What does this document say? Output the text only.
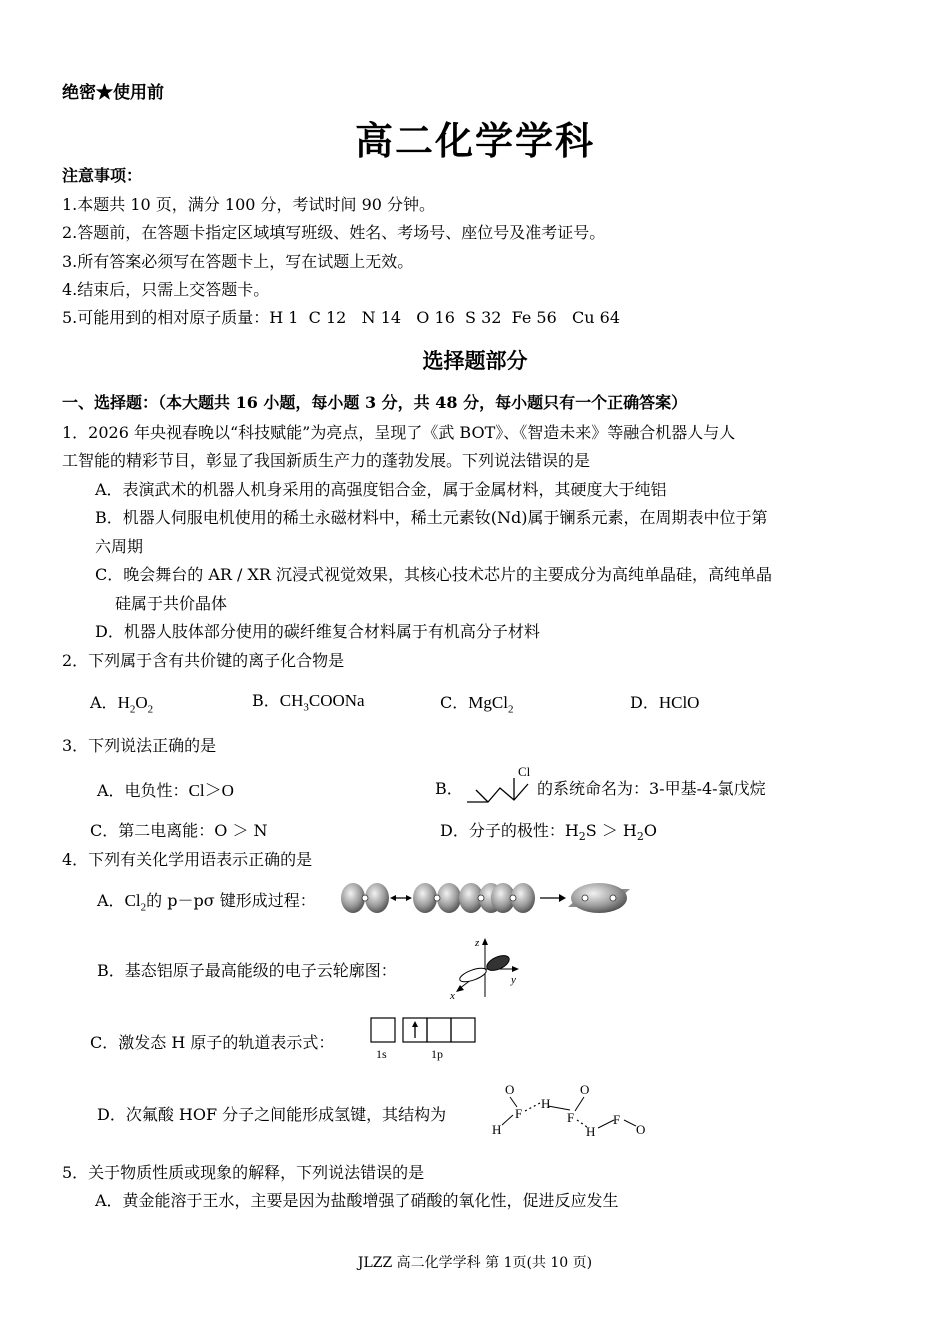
绝密★使用前
高二化学学科
注意事项：
1.本题共 10 页，满分 100 分，考试时间 90 分钟。
2.答题前，在答题卡指定区域填写班级、姓名、考场号、座位号及准考证号。
3.所有答案必须写在答题卡上，写在试题上无效。
4.结束后，只需上交答题卡。
5.可能用到的相对原子质量：H 1  C 12   N 14   O 16  S 32  Fe 56   Cu 64
选择题部分
一、选择题：（本大题共 16 小题，每小题 3 分，共 48 分，每小题只有一个正确答案）
1．2026 年央视春晚以“科技赋能”为亮点，呈现了《武 BOT》、《智造未来》等融合机器人与人
工智能的精彩节目，彰显了我国新质生产力的蓬勃发展。下列说法错误的是
A．表演武术的机器人机身采用的高强度铝合金，属于金属材料，其硬度大于纯铝
B．机器人伺服电机使用的稀土永磁材料中，稀土元素钕(Nd)属于镧系元素，在周期表中位于第
六周期
C．晚会舞台的 AR / XR 沉浸式视觉效果，其核心技术芯片的主要成分为高纯单晶硅，高纯单晶
硅属于共价晶体
D．机器人肢体部分使用的碳纤维复合材料属于有机高分子材料
2．下列属于含有共价键的离子化合物是
A．$H_2O_2$	B．$CH_3COONa$	C．MgCl$_2$	D．HClO
3．下列说法正确的是
A．电负性：Cl＞O	B．
Cl
的系统命名为：3-甲基-4-氯戊烷
C．第二电离能：O ＞ N	D．分子的极性：$H_2S > H_2O$
4．下列有关化学用语表示正确的是
A．$Cl_2$的 p－pσ 键形成过程：
B．基态铝原子最高能级的电子云轮廓图：
z
y
x
C．激发态 H 原子的轨道表示式：
1s	1p
D．次氟酸 HOF 分子之间能形成氢键，其结构为
O
F
H
H
O
F
H
F
O
5．关于物质性质或现象的解释，下列说法错误的是
A．黄金能溶于王水，主要是因为盐酸增强了硝酸的氧化性，促进反应发生
JLZZ 高二化学学科 第 1页(共 10 页)
